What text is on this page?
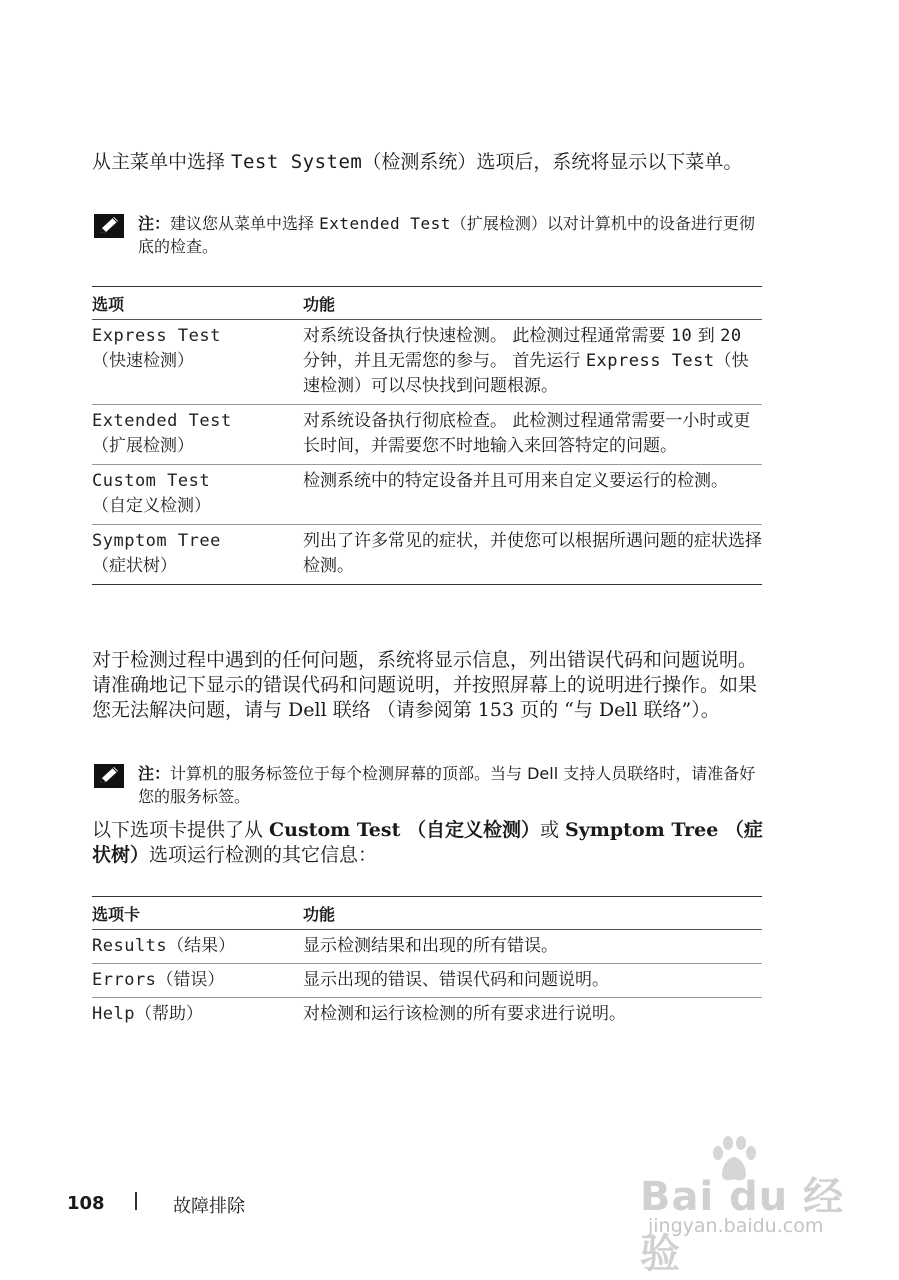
从主菜单中选择 Test System（检测系统）选项后，系统将显示以下菜单。

注：建议您从菜单中选择 Extended Test（扩展检测）以对计算机中的设备进行更彻底的检查。
选项	功能
Express Test
（快速检测）	对系统设备执行快速检测。 此检测过程通常需要 10 到 20 分钟，并且无需您的参与。 首先运行 Express Test（快速检测）可以尽快找到问题根源。
Extended Test
（扩展检测）	对系统设备执行彻底检查。 此检测过程通常需要一小时或更长时间，并需要您不时地输入来回答特定的问题。
Custom Test
（自定义检测）	检测系统中的特定设备并且可用来自定义要运行的检测。
Symptom Tree
（症状树）	列出了许多常见的症状，并使您可以根据所遇问题的症状选择检测。

对于检测过程中遇到的任何问题，系统将显示信息，列出错误代码和问题说明。请准确地记下显示的错误代码和问题说明，并按照屏幕上的说明进行操作。如果您无法解决问题，请与 Dell 联络 （请参阅第 153 页的 “与 Dell 联络”）。

注：计算机的服务标签位于每个检测屏幕的顶部。当与 Dell 支持人员联络时，请准备好您的服务标签。

以下选项卡提供了从 Custom Test （自定义检测）或 Symptom Tree （症状树）选项运行检测的其它信息：

选项卡	功能
Results（结果）	显示检测结果和出现的所有错误。
Errors（错误）	显示出现的错误、错误代码和问题说明。
Help（帮助）	对检测和运行该检测的所有要求进行说明。
108	故障排除	Bai du 经验
jingyan.baidu.com
